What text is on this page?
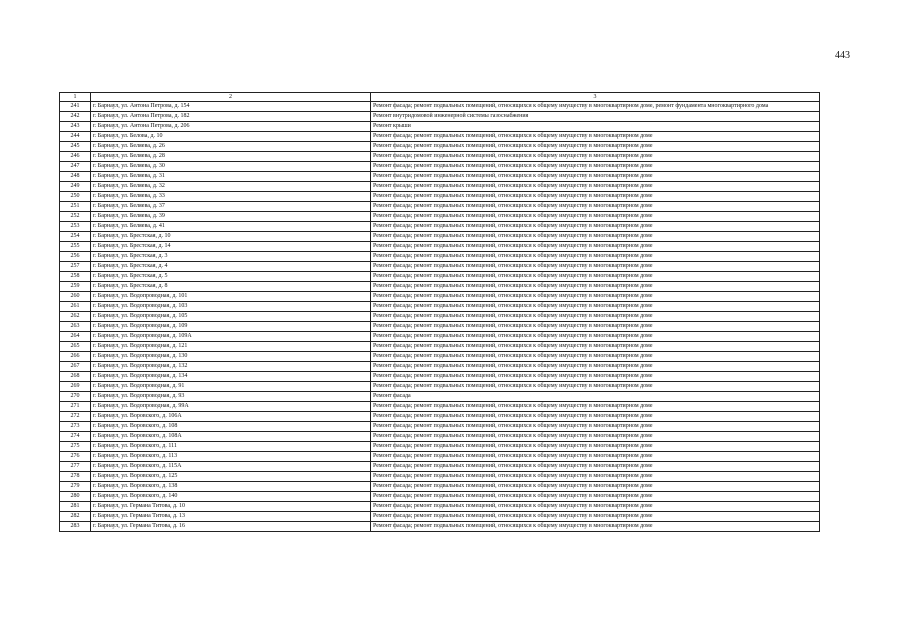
443
1	2	3
241	г. Барнаул, ул. Антона Петрова, д. 154	Ремонт фасада; ремонт подвальных помещений, относящихся к общему имуществу в многоквартирном доме, ремонт фундамента многоквартирного дома
242	г. Барнаул, ул. Антона Петрова, д. 182	Ремонт внутридомовой инженерной системы газоснабжения
243	г. Барнаул, ул. Антона Петрова, д. 206	Ремонт крыши
244	г. Барнаул, ул. Белова, д. 10	Ремонт фасада; ремонт подвальных помещений, относящихся к общему имуществу в многоквартирном доме
245	г. Барнаул, ул. Беляева, д. 26	Ремонт фасада; ремонт подвальных помещений, относящихся к общему имуществу в многоквартирном доме
246	г. Барнаул, ул. Беляева, д. 28	Ремонт фасада; ремонт подвальных помещений, относящихся к общему имуществу в многоквартирном доме
247	г. Барнаул, ул. Беляева, д. 30	Ремонт фасада; ремонт подвальных помещений, относящихся к общему имуществу в многоквартирном доме
248	г. Барнаул, ул. Беляева, д. 31	Ремонт фасада; ремонт подвальных помещений, относящихся к общему имуществу в многоквартирном доме
249	г. Барнаул, ул. Беляева, д. 32	Ремонт фасада; ремонт подвальных помещений, относящихся к общему имуществу в многоквартирном доме
250	г. Барнаул, ул. Беляева, д. 33	Ремонт фасада; ремонт подвальных помещений, относящихся к общему имуществу в многоквартирном доме
251	г. Барнаул, ул. Беляева, д. 37	Ремонт фасада; ремонт подвальных помещений, относящихся к общему имуществу в многоквартирном доме
252	г. Барнаул, ул. Беляева, д. 39	Ремонт фасада; ремонт подвальных помещений, относящихся к общему имуществу в многоквартирном доме
253	г. Барнаул, ул. Беляева, д. 41	Ремонт фасада; ремонт подвальных помещений, относящихся к общему имуществу в многоквартирном доме
254	г. Барнаул, ул. Брестская, д. 10	Ремонт фасада; ремонт подвальных помещений, относящихся к общему имуществу в многоквартирном доме
255	г. Барнаул, ул. Брестская, д. 14	Ремонт фасада; ремонт подвальных помещений, относящихся к общему имуществу в многоквартирном доме
256	г. Барнаул, ул. Брестская, д. 3	Ремонт фасада; ремонт подвальных помещений, относящихся к общему имуществу в многоквартирном доме
257	г. Барнаул, ул. Брестская, д. 4	Ремонт фасада; ремонт подвальных помещений, относящихся к общему имуществу в многоквартирном доме
258	г. Барнаул, ул. Брестская, д. 5	Ремонт фасада; ремонт подвальных помещений, относящихся к общему имуществу в многоквартирном доме
259	г. Барнаул, ул. Брестская, д. 8	Ремонт фасада; ремонт подвальных помещений, относящихся к общему имуществу в многоквартирном доме
260	г. Барнаул, ул. Водопроводная, д. 101	Ремонт фасада; ремонт подвальных помещений, относящихся к общему имуществу в многоквартирном доме
261	г. Барнаул, ул. Водопроводная, д. 103	Ремонт фасада; ремонт подвальных помещений, относящихся к общему имуществу в многоквартирном доме
262	г. Барнаул, ул. Водопроводная, д. 105	Ремонт фасада; ремонт подвальных помещений, относящихся к общему имуществу в многоквартирном доме
263	г. Барнаул, ул. Водопроводная, д. 109	Ремонт фасада; ремонт подвальных помещений, относящихся к общему имуществу в многоквартирном доме
264	г. Барнаул, ул. Водопроводная, д. 109А	Ремонт фасада; ремонт подвальных помещений, относящихся к общему имуществу в многоквартирном доме
265	г. Барнаул, ул. Водопроводная, д. 121	Ремонт фасада; ремонт подвальных помещений, относящихся к общему имуществу в многоквартирном доме
266	г. Барнаул, ул. Водопроводная, д. 130	Ремонт фасада; ремонт подвальных помещений, относящихся к общему имуществу в многоквартирном доме
267	г. Барнаул, ул. Водопроводная, д. 132	Ремонт фасада; ремонт подвальных помещений, относящихся к общему имуществу в многоквартирном доме
268	г. Барнаул, ул. Водопроводная, д. 134	Ремонт фасада; ремонт подвальных помещений, относящихся к общему имуществу в многоквартирном доме
269	г. Барнаул, ул. Водопроводная, д. 91	Ремонт фасада; ремонт подвальных помещений, относящихся к общему имуществу в многоквартирном доме
270	г. Барнаул, ул. Водопроводная, д. 93	Ремонт фасада
271	г. Барнаул, ул. Водопроводная, д. 99А	Ремонт фасада; ремонт подвальных помещений, относящихся к общему имуществу в многоквартирном доме
272	г. Барнаул, ул. Воровского, д. 106А	Ремонт фасада; ремонт подвальных помещений, относящихся к общему имуществу в многоквартирном доме
273	г. Барнаул, ул. Воровского, д. 108	Ремонт фасада; ремонт подвальных помещений, относящихся к общему имуществу в многоквартирном доме
274	г. Барнаул, ул. Воровского, д. 108А	Ремонт фасада; ремонт подвальных помещений, относящихся к общему имуществу в многоквартирном доме
275	г. Барнаул, ул. Воровского, д. 111	Ремонт фасада; ремонт подвальных помещений, относящихся к общему имуществу в многоквартирном доме
276	г. Барнаул, ул. Воровского, д. 113	Ремонт фасада; ремонт подвальных помещений, относящихся к общему имуществу в многоквартирном доме
277	г. Барнаул, ул. Воровского, д. 115А	Ремонт фасада; ремонт подвальных помещений, относящихся к общему имуществу в многоквартирном доме
278	г. Барнаул, ул. Воровского, д. 125	Ремонт фасада; ремонт подвальных помещений, относящихся к общему имуществу в многоквартирном доме
279	г. Барнаул, ул. Воровского, д. 138	Ремонт фасада; ремонт подвальных помещений, относящихся к общему имуществу в многоквартирном доме
280	г. Барнаул, ул. Воровского, д. 140	Ремонт фасада; ремонт подвальных помещений, относящихся к общему имуществу в многоквартирном доме
281	г. Барнаул, ул. Германа Титова, д. 10	Ремонт фасада; ремонт подвальных помещений, относящихся к общему имуществу в многоквартирном доме
282	г. Барнаул, ул. Германа Титова, д. 13	Ремонт фасада; ремонт подвальных помещений, относящихся к общему имуществу в многоквартирном доме
283	г. Барнаул, ул. Германа Титова, д. 16	Ремонт фасада; ремонт подвальных помещений, относящихся к общему имуществу в многоквартирном доме
